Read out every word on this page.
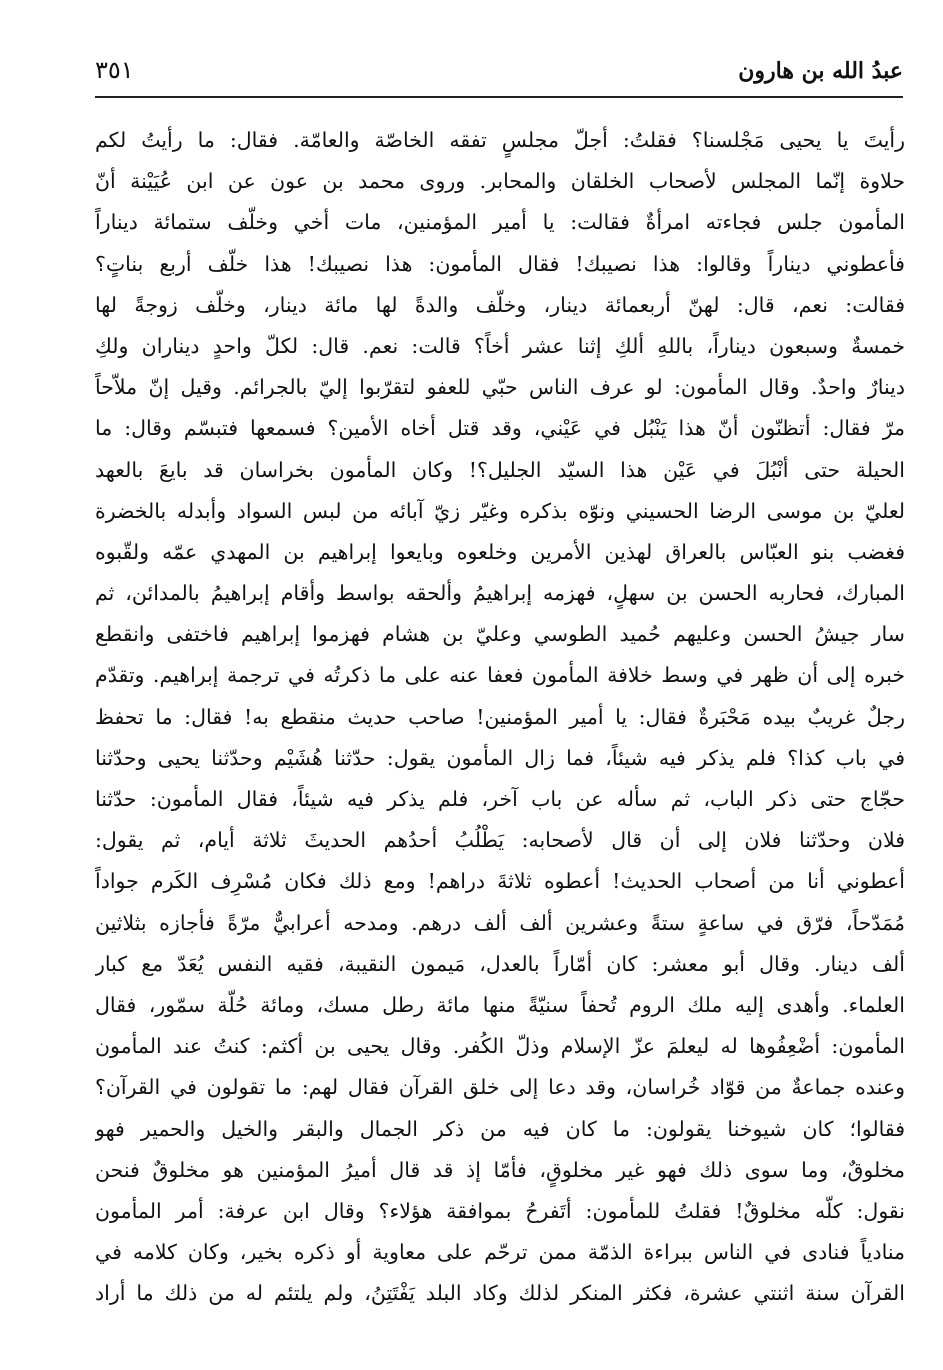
عبدُ الله بن هارون
٣٥١
رأيتَ يا يحيى مَجْلسنا؟ فقلتُ: أجلّ مجلسٍ تفقه الخاصّة والعامّة. فقال: ما رأيتُ لكم
حلاوة إنّما المجلس لأصحاب الخلقان والمحابر. وروى محمد بن عون عن ابن عُيَيْنة أنّ
المأمون جلس فجاءته امرأةٌ فقالت: يا أمير المؤمنين، مات أخي وخلّف ستمائة ديناراً
فأعطوني ديناراً وقالوا: هذا نصيبك! فقال المأمون: هذا نصيبك! هذا خلّف أربع بناتٍ؟
فقالت: نعم، قال: لهنّ أربعمائة دينار، وخلّف والدةً لها مائة دينار، وخلّف زوجةً لها
خمسةٌ وسبعون ديناراً، باللهِ ألكِ إثنا عشر أخاً؟ قالت: نعم. قال: لكلّ واحدٍ ديناران ولكِ
دينارٌ واحدٌ. وقال المأمون: لو عرف الناس حبّي للعفو لتقرّبوا إليّ بالجرائم. وقيل إنّ ملاّحاً
مرّ فقال: أتظنّون أنّ هذا يَنْبُل في عَيْني، وقد قتل أخاه الأمين؟ فسمعها فتبسّم وقال: ما
الحيلة حتى أنْبُلَ في عَيْن هذا السيّد الجليل؟! وكان المأمون بخراسان قد بايعَ بالعهد
لعليّ بن موسى الرضا الحسيني ونوّه بذكره وغيّر زيّ آبائه من لبس السواد وأبدله بالخضرة
فغضب بنو العبّاس بالعراق لهذين الأمرين وخلعوه وبايعوا إبراهيم بن المهدي عمّه ولقّبوه
المبارك، فحاربه الحسن بن سهلٍ، فهزمه إبراهيمُ وألحقه بواسط وأقام إبراهيمُ بالمدائن، ثم
سار جيشُ الحسن وعليهم حُميد الطوسي وعليّ بن هشام فهزموا إبراهيم فاختفى وانقطع
خبره إلى أن ظهر في وسط خلافة المأمون فعفا عنه على ما ذكرتُه في ترجمة إبراهيم. وتقدّم
رجلٌ غريبٌ بيده مَحْبَرةٌ فقال: يا أمير المؤمنين! صاحب حديث منقطع به! فقال: ما تحفظ
في باب كذا؟ فلم يذكر فيه شيئاً، فما زال المأمون يقول: حدّثنا هُشَيْم وحدّثنا يحيى وحدّثنا
حجّاج حتى ذكر الباب، ثم سأله عن باب آخر، فلم يذكر فيه شيئاً، فقال المأمون: حدّثنا
فلان وحدّثنا فلان إلى أن قال لأصحابه: يَطْلُبُ أحدُهم الحديثَ ثلاثة أيام، ثم يقول:
أعطوني أنا من أصحاب الحديث! أعطوه ثلاثةَ دراهم! ومع ذلك فكان مُسْرِف الكَرم جواداً
مُمَدّحاً، فرّق في ساعةٍ ستةً وعشرين ألف ألف درهم. ومدحه أعرابيٌّ مرّةً فأجازه بثلاثين
ألف دينار. وقال أبو معشر: كان أمّاراً بالعدل، مَيمون النقيبة، فقيه النفس يُعَدّ مع كبار
العلماء. وأهدى إليه ملك الروم تُحفاً سنيّةً منها مائة رطل مسك، ومائة حُلّة سمّور، فقال
المأمون: أضْعِفُوها له ليعلمَ عزّ الإسلام وذلّ الكُفر. وقال يحيى بن أكثم: كنتُ عند المأمون
وعنده جماعةٌ من قوّاد خُراسان، وقد دعا إلى خلق القرآن فقال لهم: ما تقولون في القرآن؟
فقالوا؛ كان شيوخنا يقولون: ما كان فيه من ذكر الجمال والبقر والخيل والحمير فهو
مخلوقٌ، وما سوى ذلك فهو غير مخلوقٍ، فأمّا إذ قد قال أميرُ المؤمنين هو مخلوقٌ فنحن
نقول: كلّه مخلوقٌ! فقلتُ للمأمون: أتَفرحُ بموافقة هؤلاء؟ وقال ابن عرفة: أمر المأمون
منادياً فنادى في الناس ببراءة الذمّة ممن ترحّم على معاوية أو ذكره بخير، وكان كلامه في
القرآن سنة اثنتي عشرة، فكثر المنكر لذلك وكاد البلد يَفْتَتِنُ، ولم يلتئم له من ذلك ما أراد
